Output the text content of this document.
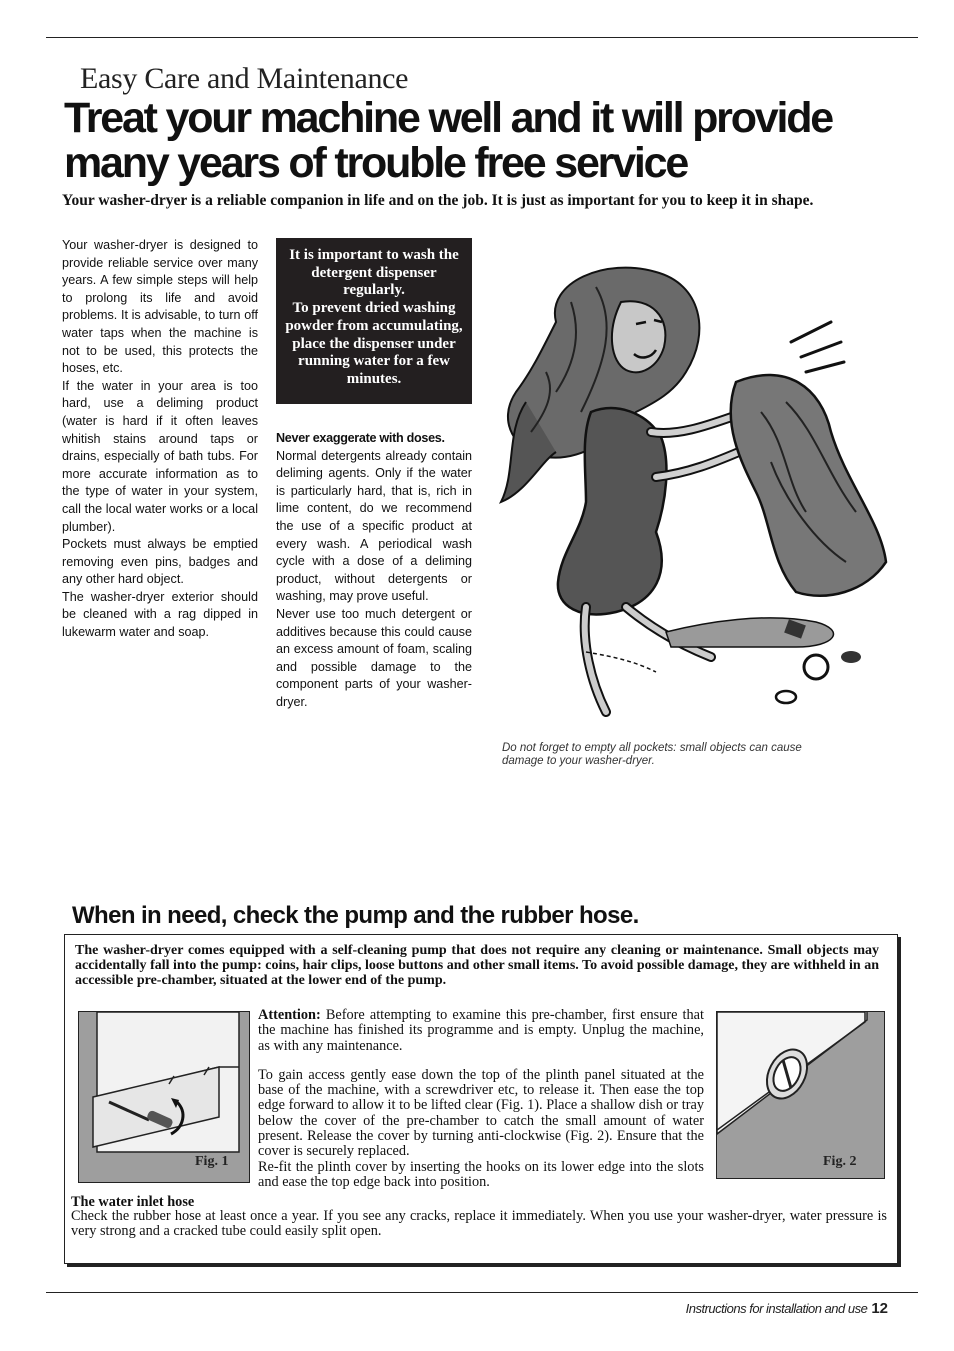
Easy Care and Maintenance
Treat your machine well and it will provide
many years of trouble free service
Your washer-dryer is a reliable companion in life and on the job. It is just as important for you to keep it in shape.

Your washer-dryer is designed to provide reliable service over many years. A few simple steps will help to prolong its life and avoid problems. It is advisable, to turn off water taps when the machine is not to be used, this protects the hoses, etc.

If the water in your area is too hard, use a deliming product (water is hard if it often leaves whitish stains around taps or drains, especially of bath tubs. For more accurate information as to the type of water in your system, call the local water works or a local plumber).

Pockets must always be emptied removing even pins, badges and any other hard object.

The washer-dryer exterior should be cleaned with a rag dipped in lukewarm water and soap.

It is important to wash the detergent dispenser regularly.

To prevent dried washing powder from accumulating, place the dispenser under running water for a few minutes.

Never exaggerate with doses.

Normal detergents already contain deliming agents. Only if the water is particularly hard, that is, rich in lime content, do we recommend the use of a specific product at every wash. A periodical wash cycle with a dose of a deliming product, without detergents or washing, may prove useful.

Never use too much detergent or additives because this could cause an excess amount of foam, scaling and possible damage to the component parts of your washer-dryer.

Do not forget to empty all pockets: small objects can cause damage to your washer-dryer.
When in need, check the pump and the rubber hose.
The washer-dryer comes equipped with a self-cleaning pump that does not require any cleaning or maintenance. Small objects may accidentally fall into the pump: coins, hair clips, loose buttons and other small items. To avoid possible damage, they are withheld in an accessible pre-chamber, situated at the lower end of the pump.
Fig. 1

Attention: Before attempting to examine this pre-chamber, first ensure that the machine has finished its programme and is empty. Unplug the machine, as with any maintenance.

To gain access gently ease down the top of the plinth panel situated at the base of the machine, with a screwdriver etc, to release it. Then ease the top edge forward to allow it to be lifted clear (Fig. 1). Place a shallow dish or tray below the cover of the pre-chamber to catch the small amount of water present. Release the cover by turning anti-clockwise (Fig. 2). Ensure that the cover is securely replaced.

Re-fit the plinth cover by inserting the hooks on its lower edge into the slots and ease the top edge back into position.

Fig. 2
The water inlet hose
Check the rubber hose at least once a year. If you see any cracks, replace it immediately. When you use your washer-dryer, water pressure is very strong and a cracked tube could easily split open.
Instructions for installation and use 12
